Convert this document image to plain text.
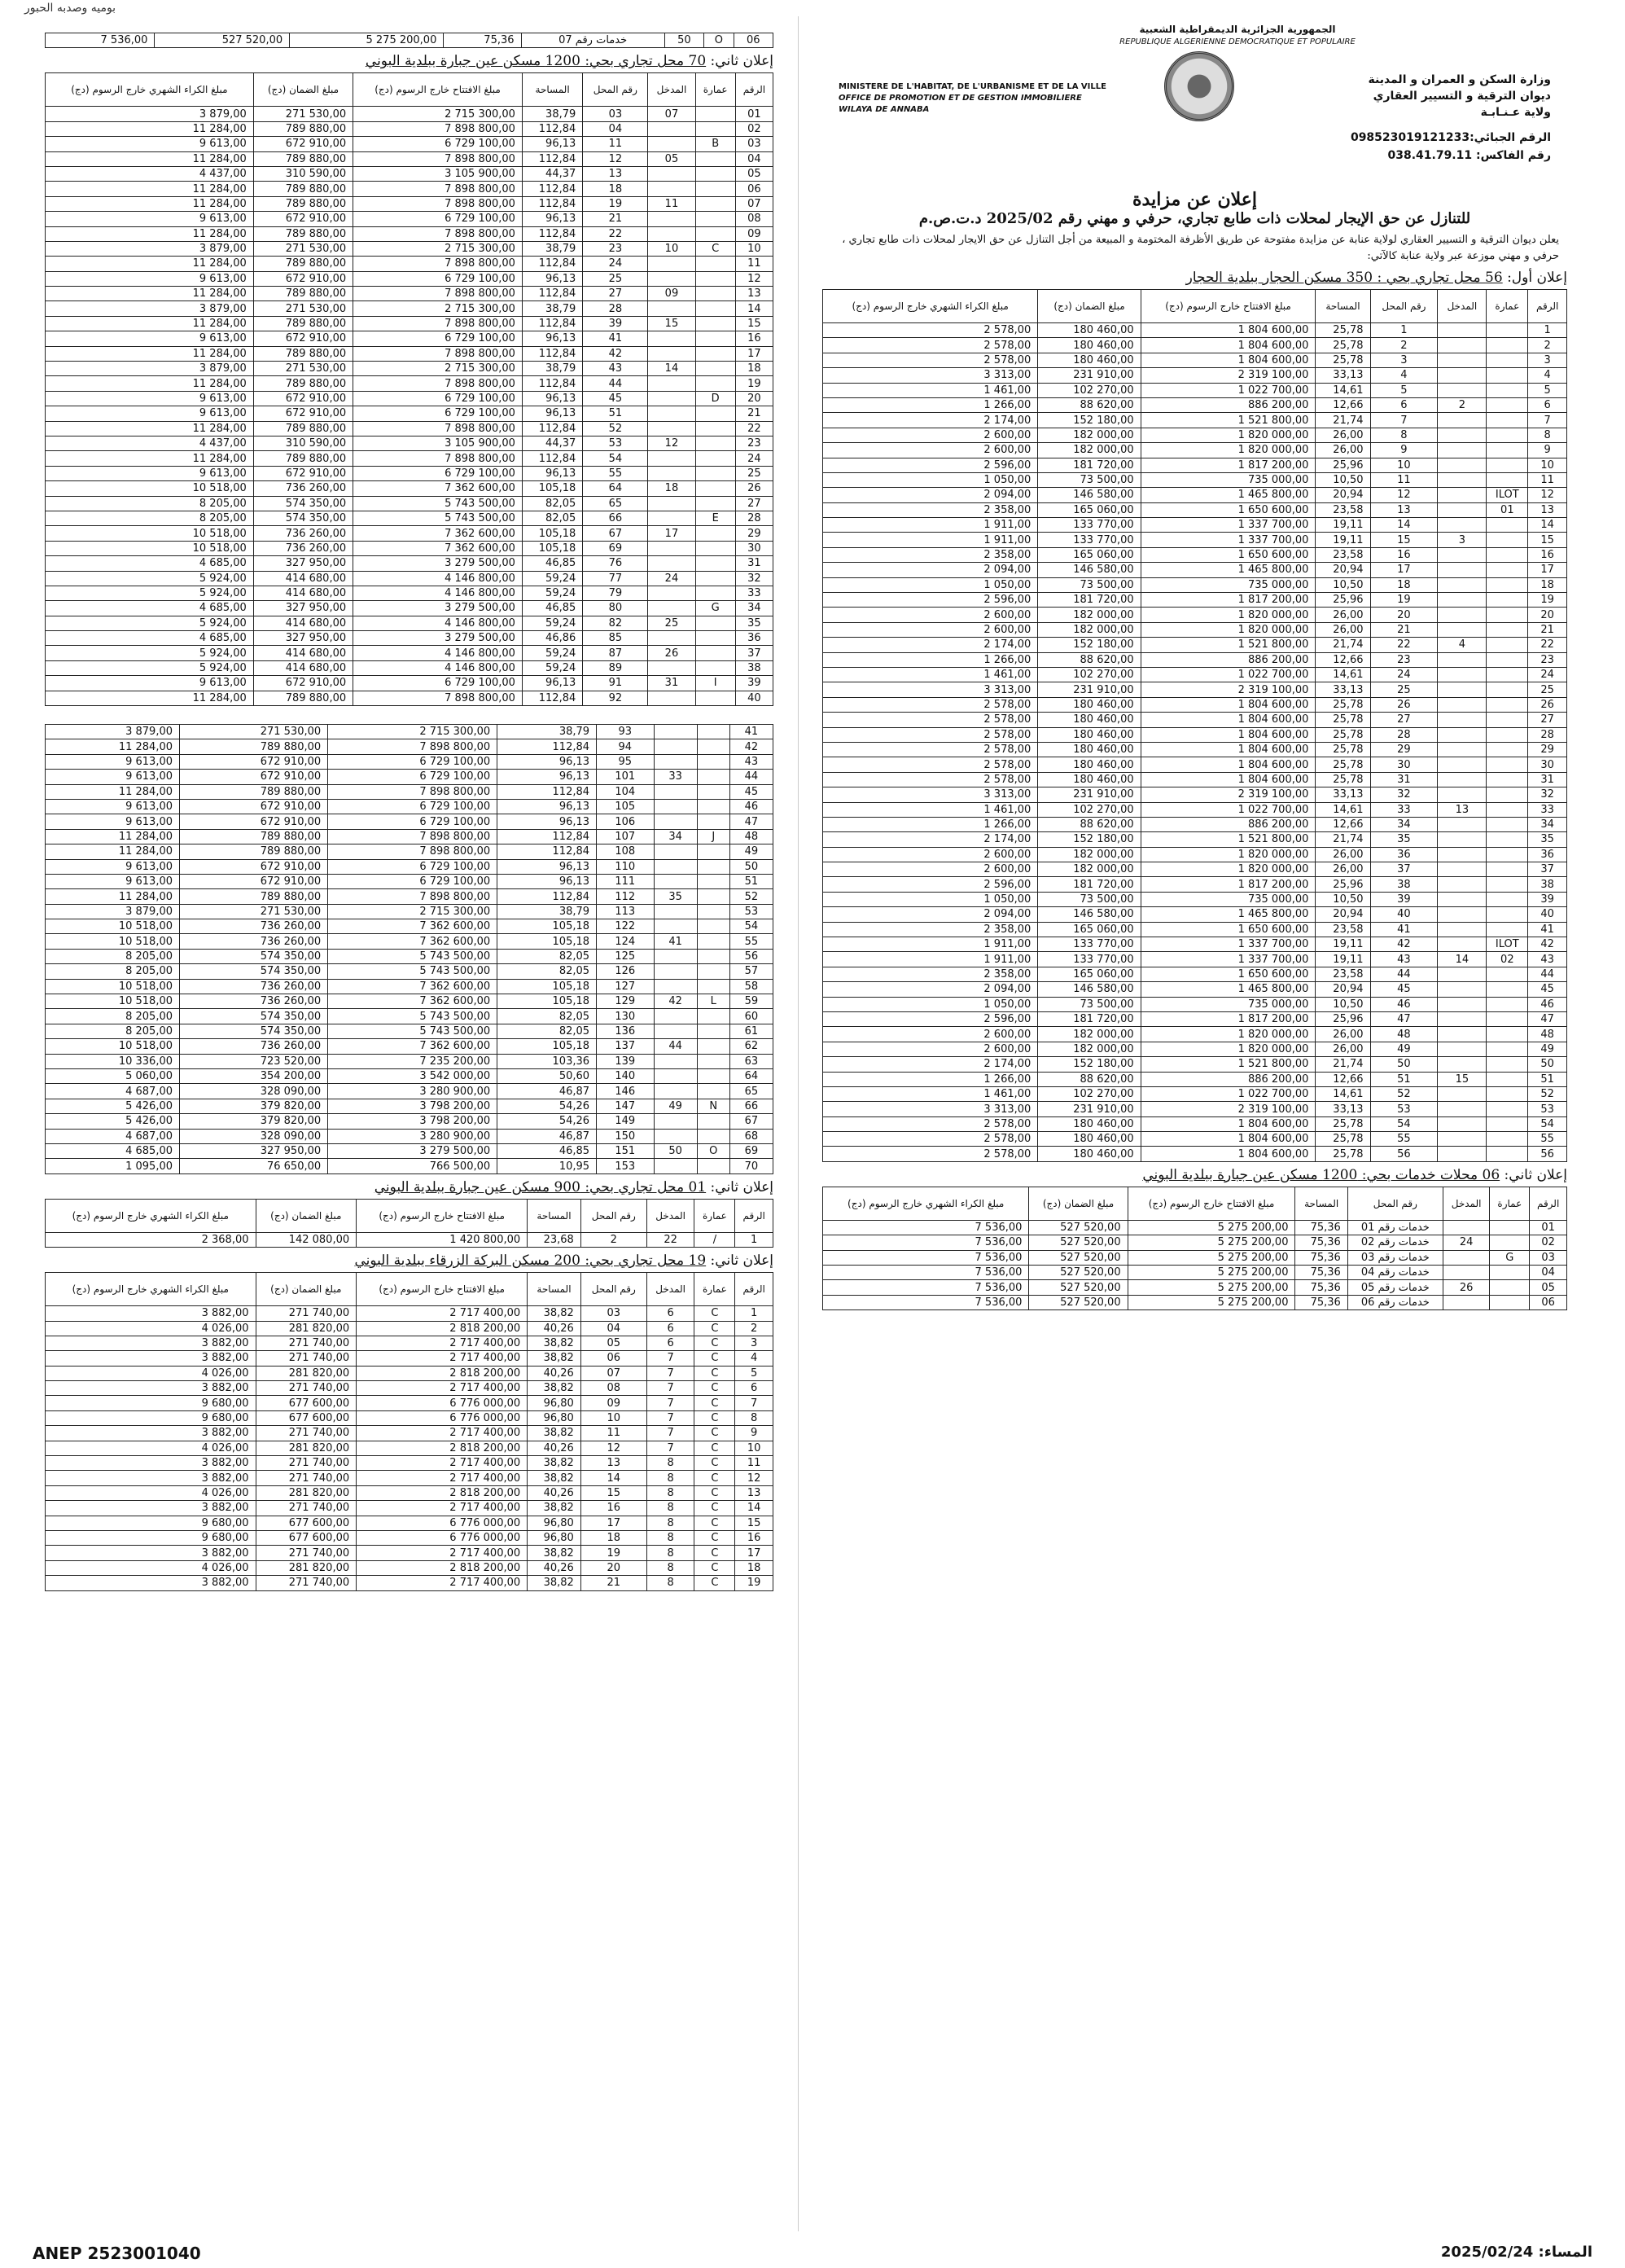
بوميه وصدبه الحبور
الجمهورية الجزائرية الديمقراطية الشعبية
REPUBLIQUE ALGERIENNE DEMOCRATIQUE ET POPULAIRE
وزارة السكن و العمران و المدينة
ديوان الترقية و التسيير العقاري
ولاية عـنـابـة
MINISTERE DE L'HABITAT, DE L'URBANISME ET DE LA VILLE
OFFICE DE PROMOTION ET DE GESTION IMMOBILIERE
WILAYA DE ANNABA
الرقم الجبائي:098523019121233
رقم الفاكس: 038.41.79.11
إعلان عن مزايدة
للتنازل عن حق الإيجار لمحلات ذات طابع تجاري، حرفي و مهني رقم 2025/02 د.ت.ص.م
يعلن ديوان الترقية و التسيير العقاري لولاية عنابة عن مزايدة مفتوحة عن طريق الأظرفة المختومة و المبيعة من أجل التنازل عن حق الايجار لمحلات ذات طابع تجاري ، حرفي و مهني موزعة عبر ولاية عنابة كالآتي:
إعلان أول: 56 محل تجاري بحي : 350 مسكن الحجار ببلدية الحجار
الرقم	عمارة	المدخل	رقم المحل	المساحة	مبلغ الافتتاح خارج الرسوم (دج)	مبلغ الضمان (دج)	مبلغ الكراء الشهري خارج الرسوم (دج)
1			1	25,78	1 804 600,00	180 460,00	2 578,00
2			2	25,78	1 804 600,00	180 460,00	2 578,00
3			3	25,78	1 804 600,00	180 460,00	2 578,00
4			4	33,13	2 319 100,00	231 910,00	3 313,00
5			5	14,61	1 022 700,00	102 270,00	1 461,00
6		2	6	12,66	886 200,00	88 620,00	1 266,00
7			7	21,74	1 521 800,00	152 180,00	2 174,00
8			8	26,00	1 820 000,00	182 000,00	2 600,00
9			9	26,00	1 820 000,00	182 000,00	2 600,00
10			10	25,96	1 817 200,00	181 720,00	2 596,00
11			11	10,50	735 000,00	73 500,00	1 050,00
12	ILOT		12	20,94	1 465 800,00	146 580,00	2 094,00
13	01		13	23,58	1 650 600,00	165 060,00	2 358,00
14			14	19,11	1 337 700,00	133 770,00	1 911,00
15		3	15	19,11	1 337 700,00	133 770,00	1 911,00
16			16	23,58	1 650 600,00	165 060,00	2 358,00
17			17	20,94	1 465 800,00	146 580,00	2 094,00
18			18	10,50	735 000,00	73 500,00	1 050,00
19			19	25,96	1 817 200,00	181 720,00	2 596,00
20			20	26,00	1 820 000,00	182 000,00	2 600,00
21			21	26,00	1 820 000,00	182 000,00	2 600,00
22		4	22	21,74	1 521 800,00	152 180,00	2 174,00
23			23	12,66	886 200,00	88 620,00	1 266,00
24			24	14,61	1 022 700,00	102 270,00	1 461,00
25			25	33,13	2 319 100,00	231 910,00	3 313,00
26			26	25,78	1 804 600,00	180 460,00	2 578,00
27			27	25,78	1 804 600,00	180 460,00	2 578,00
28			28	25,78	1 804 600,00	180 460,00	2 578,00
29			29	25,78	1 804 600,00	180 460,00	2 578,00
30			30	25,78	1 804 600,00	180 460,00	2 578,00
31			31	25,78	1 804 600,00	180 460,00	2 578,00
32			32	33,13	2 319 100,00	231 910,00	3 313,00
33		13	33	14,61	1 022 700,00	102 270,00	1 461,00
34			34	12,66	886 200,00	88 620,00	1 266,00
35			35	21,74	1 521 800,00	152 180,00	2 174,00
36			36	26,00	1 820 000,00	182 000,00	2 600,00
37			37	26,00	1 820 000,00	182 000,00	2 600,00
38			38	25,96	1 817 200,00	181 720,00	2 596,00
39			39	10,50	735 000,00	73 500,00	1 050,00
40			40	20,94	1 465 800,00	146 580,00	2 094,00
41			41	23,58	1 650 600,00	165 060,00	2 358,00
42	ILOT		42	19,11	1 337 700,00	133 770,00	1 911,00
43	02	14	43	19,11	1 337 700,00	133 770,00	1 911,00
44			44	23,58	1 650 600,00	165 060,00	2 358,00
45			45	20,94	1 465 800,00	146 580,00	2 094,00
46			46	10,50	735 000,00	73 500,00	1 050,00
47			47	25,96	1 817 200,00	181 720,00	2 596,00
48			48	26,00	1 820 000,00	182 000,00	2 600,00
49			49	26,00	1 820 000,00	182 000,00	2 600,00
50			50	21,74	1 521 800,00	152 180,00	2 174,00
51		15	51	12,66	886 200,00	88 620,00	1 266,00
52			52	14,61	1 022 700,00	102 270,00	1 461,00
53			53	33,13	2 319 100,00	231 910,00	3 313,00
54			54	25,78	1 804 600,00	180 460,00	2 578,00
55			55	25,78	1 804 600,00	180 460,00	2 578,00
56			56	25,78	1 804 600,00	180 460,00	2 578,00
إعلان ثاني: 06 محلات خدمات بحي: 1200 مسكن عين جبارة ببلدية البوني
الرقم	عمارة	المدخل	رقم المحل	المساحة	مبلغ الافتتاح خارج الرسوم (دج)	مبلغ الضمان (دج)	مبلغ الكراء الشهري خارج الرسوم (دج)
01			خدمات رقم 01	75,36	5 275 200,00	527 520,00	7 536,00
02		24	خدمات رقم 02	75,36	5 275 200,00	527 520,00	7 536,00
03	G		خدمات رقم 03	75,36	5 275 200,00	527 520,00	7 536,00
04			خدمات رقم 04	75,36	5 275 200,00	527 520,00	7 536,00
05		26	خدمات رقم 05	75,36	5 275 200,00	527 520,00	7 536,00
06			خدمات رقم 06	75,36	5 275 200,00	527 520,00	7 536,00
06	O	50	خدمات رقم 07	75,36	5 275 200,00	527 520,00	7 536,00
إعلان ثاني: 70 محل تجاري بحي: 1200 مسكن عين جبارة ببلدية البوني
الرقم	عمارة	المدخل	رقم المحل	المساحة	مبلغ الافتتاح خارج الرسوم (دج)	مبلغ الضمان (دج)	مبلغ الكراء الشهري خارج الرسوم (دج)
01		07	03	38,79	2 715 300,00	271 530,00	3 879,00
02			04	112,84	7 898 800,00	789 880,00	11 284,00
03	B		11	96,13	6 729 100,00	672 910,00	9 613,00
04		05	12	112,84	7 898 800,00	789 880,00	11 284,00
05			13	44,37	3 105 900,00	310 590,00	4 437,00
06			18	112,84	7 898 800,00	789 880,00	11 284,00
07		11	19	112,84	7 898 800,00	789 880,00	11 284,00
08			21	96,13	6 729 100,00	672 910,00	9 613,00
09			22	112,84	7 898 800,00	789 880,00	11 284,00
10	C	10	23	38,79	2 715 300,00	271 530,00	3 879,00
11			24	112,84	7 898 800,00	789 880,00	11 284,00
12			25	96,13	6 729 100,00	672 910,00	9 613,00
13		09	27	112,84	7 898 800,00	789 880,00	11 284,00
14			28	38,79	2 715 300,00	271 530,00	3 879,00
15		15	39	112,84	7 898 800,00	789 880,00	11 284,00
16			41	96,13	6 729 100,00	672 910,00	9 613,00
17			42	112,84	7 898 800,00	789 880,00	11 284,00
18		14	43	38,79	2 715 300,00	271 530,00	3 879,00
19			44	112,84	7 898 800,00	789 880,00	11 284,00
20	D		45	96,13	6 729 100,00	672 910,00	9 613,00
21			51	96,13	6 729 100,00	672 910,00	9 613,00
22			52	112,84	7 898 800,00	789 880,00	11 284,00
23		12	53	44,37	3 105 900,00	310 590,00	4 437,00
24			54	112,84	7 898 800,00	789 880,00	11 284,00
25			55	96,13	6 729 100,00	672 910,00	9 613,00
26		18	64	105,18	7 362 600,00	736 260,00	10 518,00
27			65	82,05	5 743 500,00	574 350,00	8 205,00
28	E		66	82,05	5 743 500,00	574 350,00	8 205,00
29		17	67	105,18	7 362 600,00	736 260,00	10 518,00
30			69	105,18	7 362 600,00	736 260,00	10 518,00
31			76	46,85	3 279 500,00	327 950,00	4 685,00
32		24	77	59,24	4 146 800,00	414 680,00	5 924,00
33			79	59,24	4 146 800,00	414 680,00	5 924,00
34	G		80	46,85	3 279 500,00	327 950,00	4 685,00
35		25	82	59,24	4 146 800,00	414 680,00	5 924,00
36			85	46,86	3 279 500,00	327 950,00	4 685,00
37		26	87	59,24	4 146 800,00	414 680,00	5 924,00
38			89	59,24	4 146 800,00	414 680,00	5 924,00
39	I	31	91	96,13	6 729 100,00	672 910,00	9 613,00
40			92	112,84	7 898 800,00	789 880,00	11 284,00
41			93	38,79	2 715 300,00	271 530,00	3 879,00
42			94	112,84	7 898 800,00	789 880,00	11 284,00
43			95	96,13	6 729 100,00	672 910,00	9 613,00
44		33	101	96,13	6 729 100,00	672 910,00	9 613,00
45			104	112,84	7 898 800,00	789 880,00	11 284,00
46			105	96,13	6 729 100,00	672 910,00	9 613,00
47			106	96,13	6 729 100,00	672 910,00	9 613,00
48	J	34	107	112,84	7 898 800,00	789 880,00	11 284,00
49			108	112,84	7 898 800,00	789 880,00	11 284,00
50			110	96,13	6 729 100,00	672 910,00	9 613,00
51			111	96,13	6 729 100,00	672 910,00	9 613,00
52		35	112	112,84	7 898 800,00	789 880,00	11 284,00
53			113	38,79	2 715 300,00	271 530,00	3 879,00
54			122	105,18	7 362 600,00	736 260,00	10 518,00
55		41	124	105,18	7 362 600,00	736 260,00	10 518,00
56			125	82,05	5 743 500,00	574 350,00	8 205,00
57			126	82,05	5 743 500,00	574 350,00	8 205,00
58			127	105,18	7 362 600,00	736 260,00	10 518,00
59	L	42	129	105,18	7 362 600,00	736 260,00	10 518,00
60			130	82,05	5 743 500,00	574 350,00	8 205,00
61			136	82,05	5 743 500,00	574 350,00	8 205,00
62		44	137	105,18	7 362 600,00	736 260,00	10 518,00
63			139	103,36	7 235 200,00	723 520,00	10 336,00
64			140	50,60	3 542 000,00	354 200,00	5 060,00
65			146	46,87	3 280 900,00	328 090,00	4 687,00
66	N	49	147	54,26	3 798 200,00	379 820,00	5 426,00
67			149	54,26	3 798 200,00	379 820,00	5 426,00
68			150	46,87	3 280 900,00	328 090,00	4 687,00
69	O	50	151	46,85	3 279 500,00	327 950,00	4 685,00
70			153	10,95	766 500,00	76 650,00	1 095,00
إعلان ثاني: 01 محل تجاري بحي: 900 مسكن عين جبارة ببلدية البوني
الرقم	عمارة	المدخل	رقم المحل	المساحة	مبلغ الافتتاح خارج الرسوم (دج)	مبلغ الضمان (دج)	مبلغ الكراء الشهري خارج الرسوم (دج)
1	/	22	2	23,68	1 420 800,00	142 080,00	2 368,00
إعلان ثاني: 19 محل تجاري بحي: 200 مسكن البركة الزرقاء ببلدية البوني
الرقم	عمارة	المدخل	رقم المحل	المساحة	مبلغ الافتتاح خارج الرسوم (دج)	مبلغ الضمان (دج)	مبلغ الكراء الشهري خارج الرسوم (دج)
1	C	6	03	38,82	2 717 400,00	271 740,00	3 882,00
2	C	6	04	40,26	2 818 200,00	281 820,00	4 026,00
3	C	6	05	38,82	2 717 400,00	271 740,00	3 882,00
4	C	7	06	38,82	2 717 400,00	271 740,00	3 882,00
5	C	7	07	40,26	2 818 200,00	281 820,00	4 026,00
6	C	7	08	38,82	2 717 400,00	271 740,00	3 882,00
7	C	7	09	96,80	6 776 000,00	677 600,00	9 680,00
8	C	7	10	96,80	6 776 000,00	677 600,00	9 680,00
9	C	7	11	38,82	2 717 400,00	271 740,00	3 882,00
10	C	7	12	40,26	2 818 200,00	281 820,00	4 026,00
11	C	8	13	38,82	2 717 400,00	271 740,00	3 882,00
12	C	8	14	38,82	2 717 400,00	271 740,00	3 882,00
13	C	8	15	40,26	2 818 200,00	281 820,00	4 026,00
14	C	8	16	38,82	2 717 400,00	271 740,00	3 882,00
15	C	8	17	96,80	6 776 000,00	677 600,00	9 680,00
16	C	8	18	96,80	6 776 000,00	677 600,00	9 680,00
17	C	8	19	38,82	2 717 400,00	271 740,00	3 882,00
18	C	8	20	40,26	2 818 200,00	281 820,00	4 026,00
19	C	8	21	38,82	2 717 400,00	271 740,00	3 882,00
ANEP 2523001040	المساء: 2025/02/24
